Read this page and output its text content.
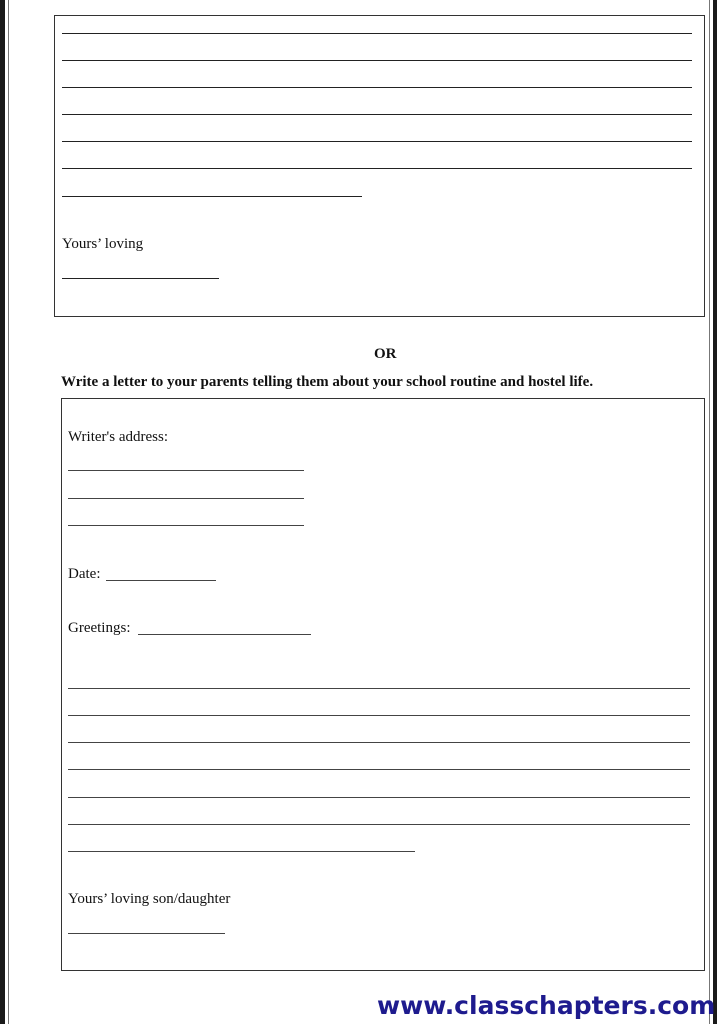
Yours’ loving
OR
Write a letter to your parents telling them about your school routine and hostel life.
Writer's address:
Date:
Greetings:
Yours’ loving son/daughter
www.classchapters.com
